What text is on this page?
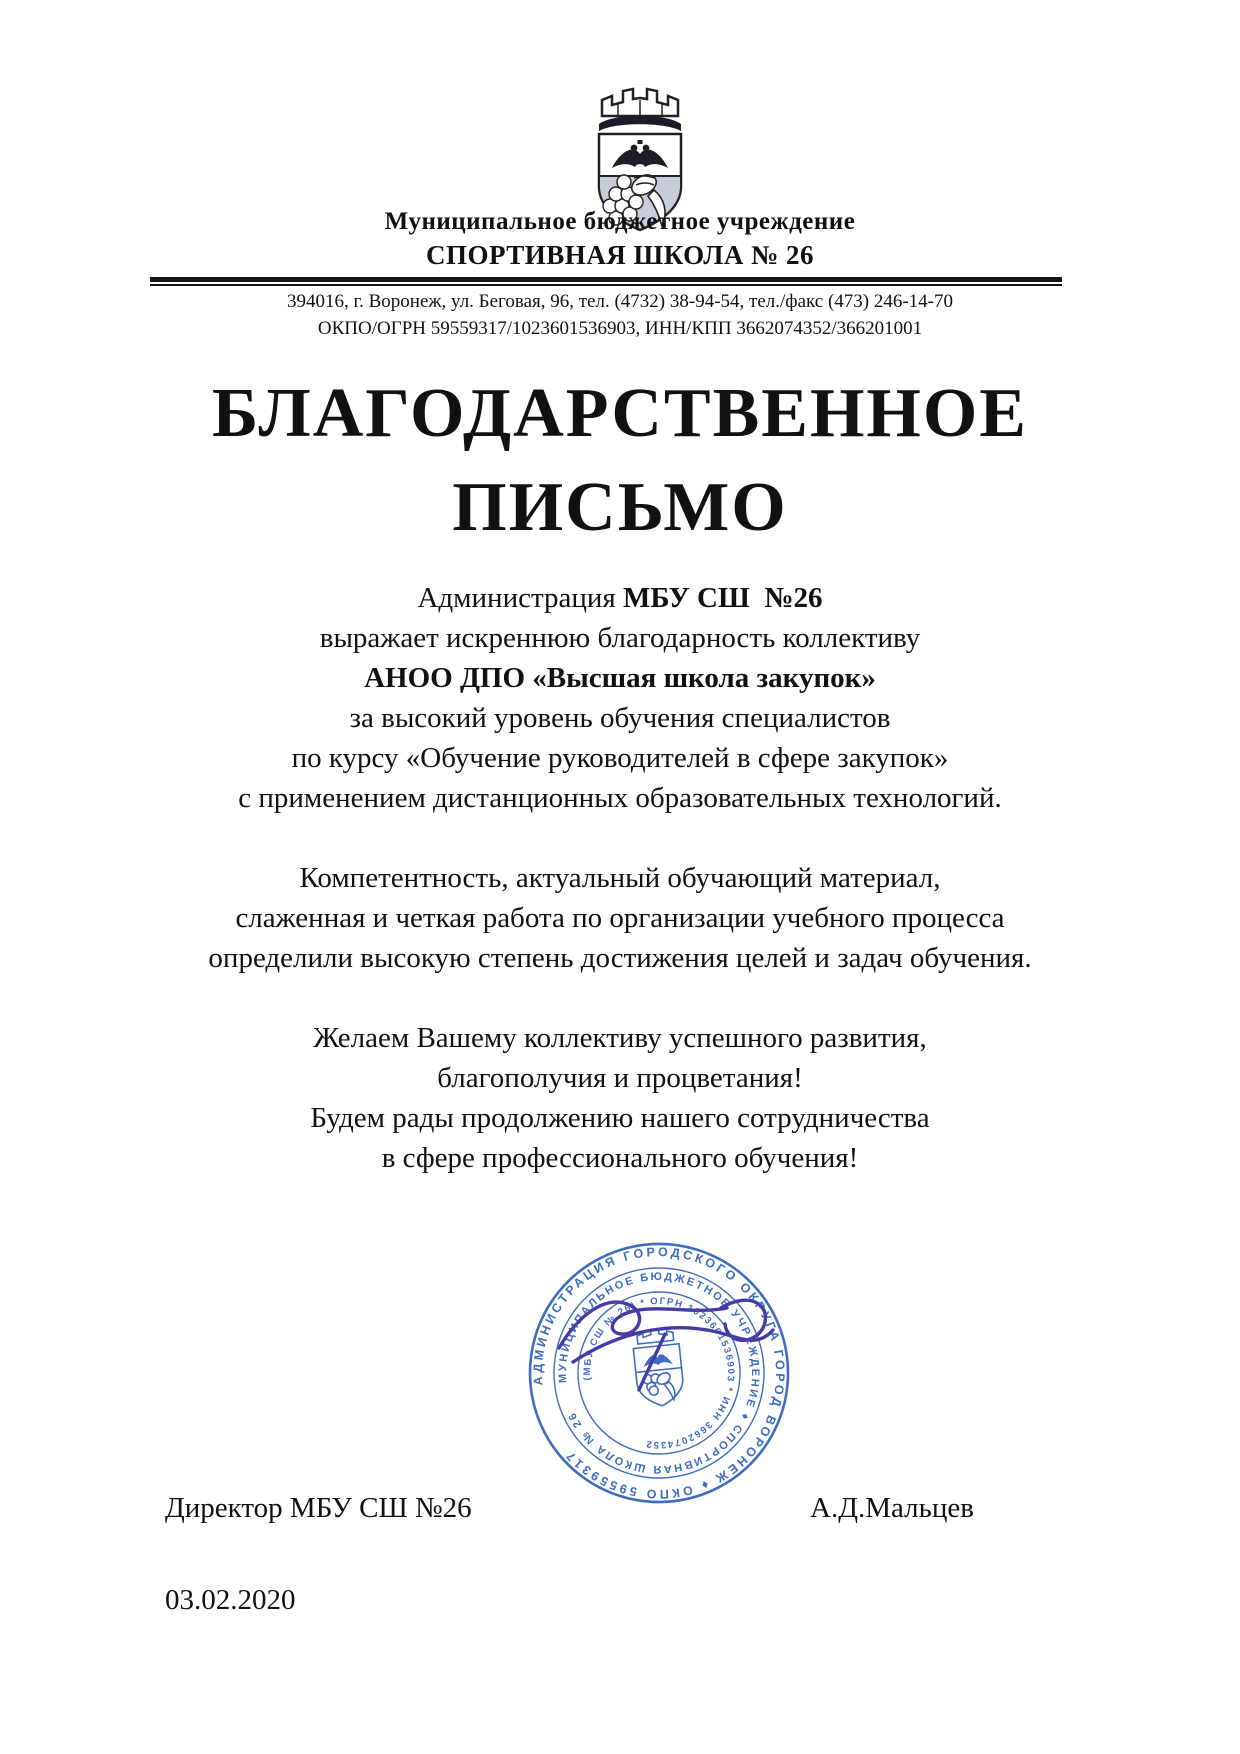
Муниципальное бюджетное учреждение
СПОРТИВНАЯ ШКОЛА № 26
394016, г. Воронеж, ул. Беговая, 96, тел. (4732) 38-94-54, тел./факс (473) 246-14-70
ОКПО/ОГРН 59559317/1023601536903, ИНН/КПП 3662074352/366201001
БЛАГОДАРСТВЕННОЕ
ПИСЬМО
Администрация МБУ СШ  №26
выражает искреннюю благодарность коллективу
АНОО ДПО «Высшая школа закупок»
за высокий уровень обучения специалистов
по курсу «Обучение руководителей в сфере закупок»
с применением дистанционных образовательных технологий.
Компетентность, актуальный обучающий материал,
слаженная и четкая работа по организации учебного процесса
определили высокую степень достижения целей и задач обучения.
Желаем Вашему коллективу успешного развития,
благополучия и процветания!
Будем рады продолжению нашего сотрудничества
в сфере профессионального обучения!
АДМИНИСТРАЦИЯ ГОРОДСКОГО ОКРУГА ГОРОД ВОРОНЕЖ ♦ ОКПО 59559317
МУНИЦИПАЛЬНОЕ БЮДЖЕТНОЕ УЧРЕЖДЕНИЕ ♦ СПОРТИВНАЯ ШКОЛА № 26
(МБУ СШ № 26) * ОГРН 1023601536903 * ИНН 3662074352
Директор МБУ СШ №26	А.Д.Мальцев
03.02.2020
